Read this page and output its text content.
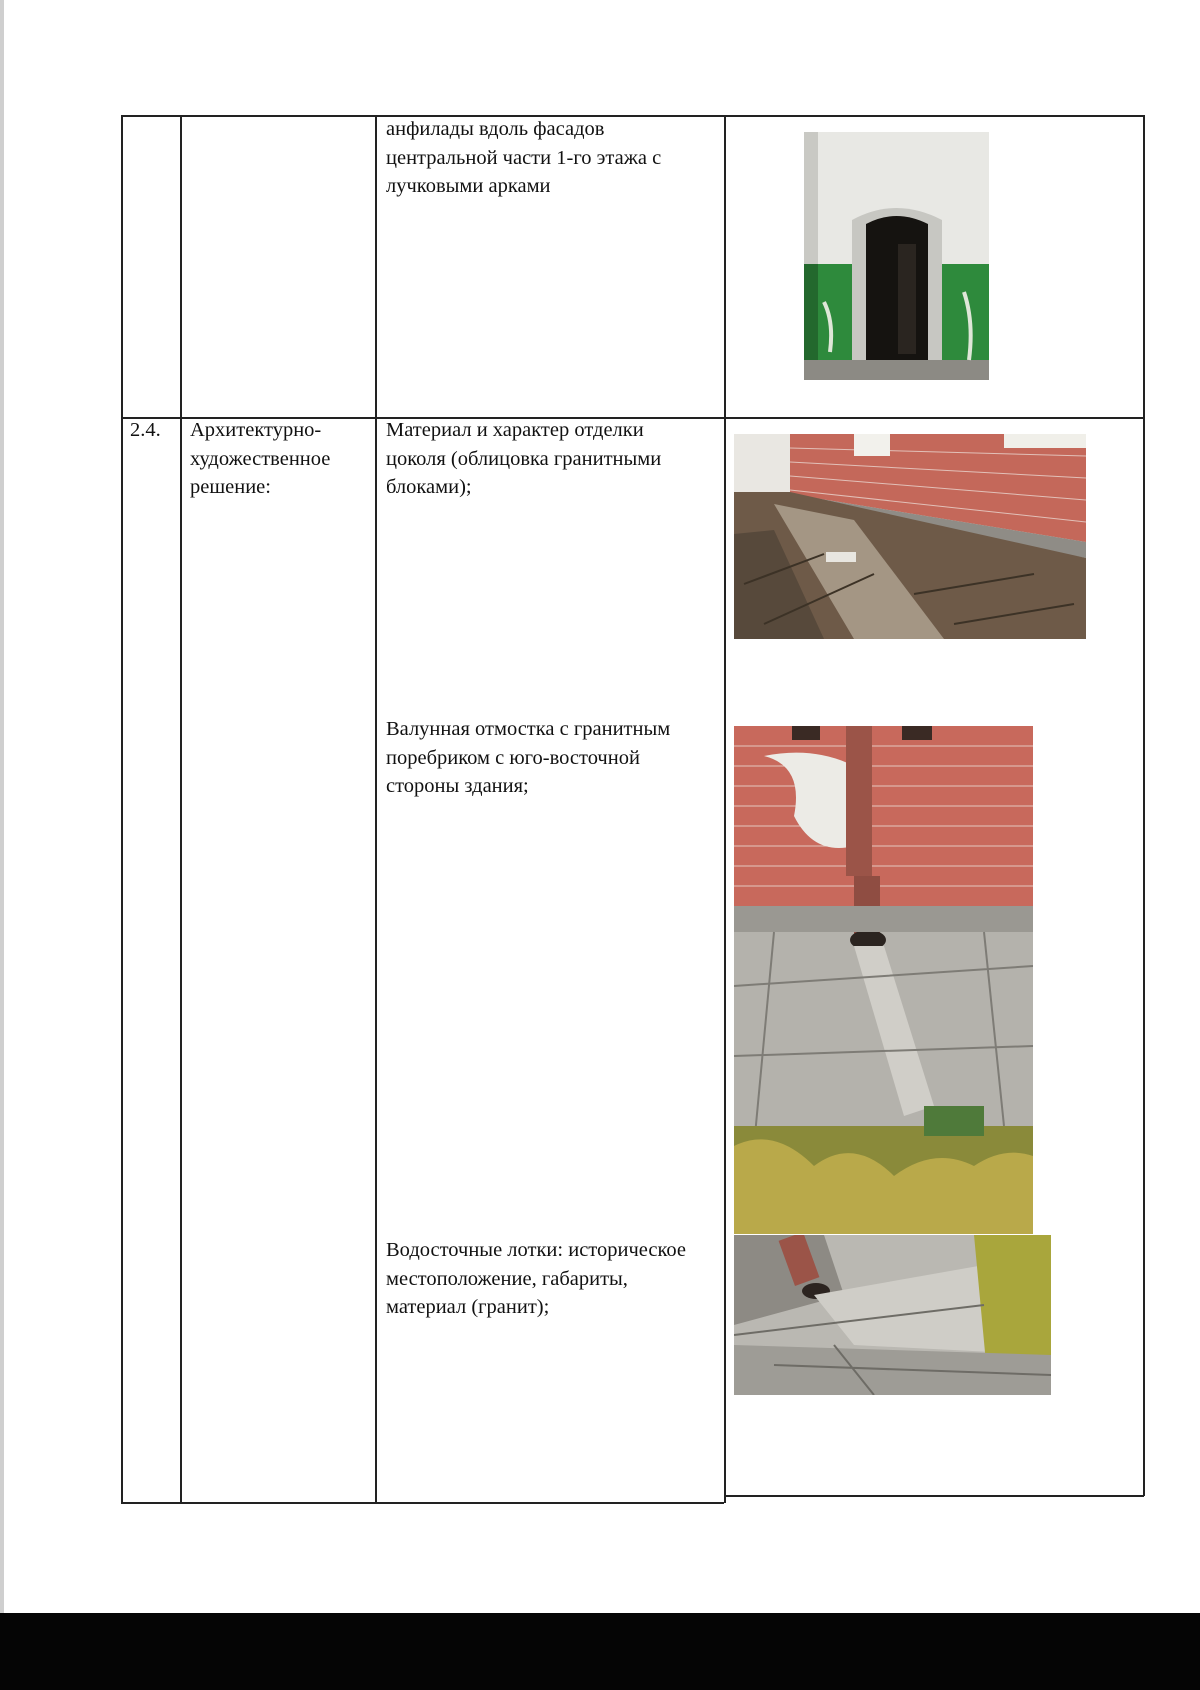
анфилады вдоль фасадов
центральной части 1-го этажа с
лучковыми арками

2.4. Архитектурно-
художественное
решение:

Материал и характер отделки
цоколя (облицовка гранитными
блоками);

Валунная отмостка с гранитным
поребриком с юго-восточной
стороны здания;

Водосточные лотки: историческое
местоположение, габариты,
материал (гранит);
